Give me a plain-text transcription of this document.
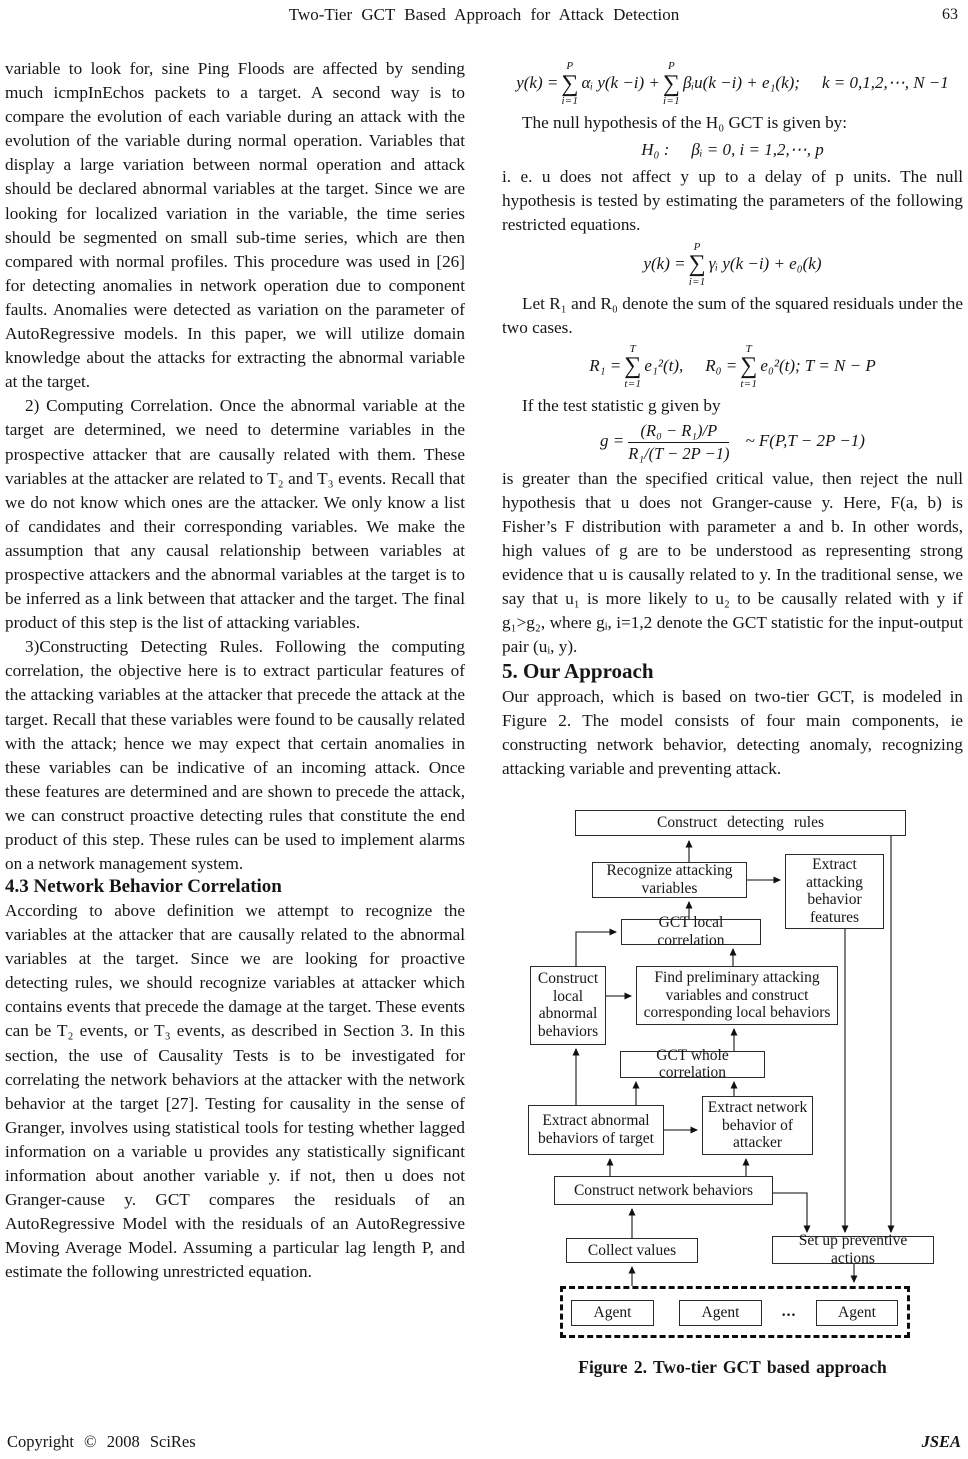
Two-Tier GCT Based Approach for Attack Detection	63

variable to look for, sine Ping Floods are affected by sending much icmpInEchos packets to a target. A second way is to compare the evolution of each variable during an attack with the evolution of the variable during normal operation. Variables that display a large variation between normal operation and attack should be declared abnormal variables at the target. Since we are looking for localized variation in the variable, the time series should be segmented on small sub-time series, which are then compared with normal profiles. This procedure was used in [26] for detecting anomalies in network operation due to component faults. Anomalies were detected as variation on the parameter of AutoRegressive models. In this paper, we will utilize domain knowledge about the attacks for extracting the abnormal variable at the target.

2) Computing Correlation. Once the abnormal variable at the target are determined, we need to determine variables in the prospective attacker that are causally related with them. These variables at the attacker are related to T₂ and T₃ events. Recall that we do not know which ones are the attacker. We only know a list of candidates and their corresponding variables. We make the assumption that any causal relationship between variables at prospective attackers and the abnormal variables at the target is to be inferred as a link between that attacker and the target. The final product of this step is the list of attacking variables.

3)Constructing Detecting Rules. Following the computing correlation, the objective here is to extract particular features of the attacking variables at the attacker that precede the attack at the target. Recall that these variables were found to be causally related with the attack; hence we may expect that certain anomalies in these variables can be indicative of an incoming attack. Once these features are determined and are shown to precede the attack, we can construct proactive detecting rules that constitute the end product of this step. These rules can be used to implement alarms on a network management system.

4.3 Network Behavior Correlation

According to above definition we attempt to recognize the variables at the attacker that are causally related to the abnormal variables at the target. Since we are looking for proactive detecting rules, we should recognize variables at attacker which contains events that precede the damage at the target. These events can be T₂ events, or T₃ events, as described in Section 3. In this section, the use of Causality Tests is to be investigated for correlating the network behaviors at the attacker with the network behavior at the target [27]. Testing for causality in the sense of Granger, involves using statistical tools for testing whether lagged information on a variable u provides any statistically significant information about another variable y. if not, then u does not Granger-cause y. GCT compares the residuals of an AutoRegressive Model with the residuals of an AutoRegressive Moving Average Model. Assuming a particular lag length P, and estimate the following unrestricted equation.

y(k) =
P
∑
i=1
αᵢ y(k −i) +
P
∑
i=1
βᵢu(k −i) + e₁(k); k = 0,1,2,⋯, N −1

The null hypothesis of the H₀ GCT is given by:

H₀ : βᵢ = 0, i = 1,2,⋯, p

i. e. u does not affect y up to a delay of p units. The null hypothesis is tested by estimating the parameters of the following restricted equations.

y(k) =
P
∑
i=1
γᵢ y(k −i) + e₀(k)

Let R₁ and R₀ denote the sum of the squared residuals under the two cases.

R₁ =
T
∑
t=1
e₁²(t), R₀ =
T
∑
t=1
e₀²(t); T = N − P

If the test statistic g given by

$g = \frac{\text{(R₀ − R₁)/P}}{\text{R₁/(T − 2P −1)}}$ ~ F(P,T − 2P −1)

is greater than the specified critical value, then reject the null hypothesis that u does not Granger-cause y. Here, F(a, b) is Fisher’s F distribution with parameter a and b. In other words, high values of g are to be understood as representing strong evidence that u is causally related to y. In the traditional sense, we say that u₁ is more likely to u₂ to be causally related with y if g₁>g₂, where gᵢ, i=1,2 denote the GCT statistic for the input-output pair (uᵢ, y).

5. Our Approach

Our approach, which is based on two-tier GCT, is modeled in Figure 2. The model consists of four main components, ie constructing network behavior, detecting anomaly, recognizing attacking variable and preventing attack.

Construct detecting rules
Recognize attacking variables
Extract attacking behavior features
GCT local correlation
Construct local abnormal behaviors
Find preliminary attacking variables and construct corresponding local behaviors
GCT whole correlation
Extract abnormal behaviors of target
Extract network behavior of attacker
Construct network behaviors
Collect values
Set up preventive actions
Agent	Agent	...	Agent
Figure 2. Two-tier GCT based approach
Copyright © 2008 SciRes	JSEA
